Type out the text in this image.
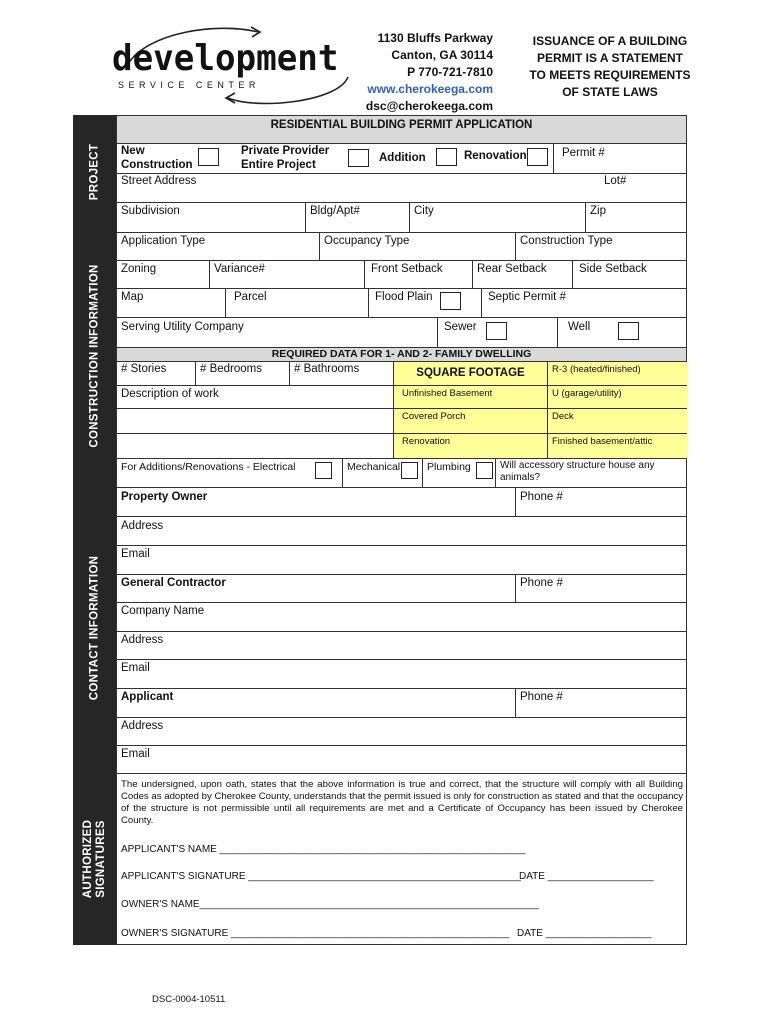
development
SERVICE CENTER
1130 Bluffs Parkway
Canton, GA 30114
P 770-721-7810
www.cherokeega.com
dsc@cherokeega.com
ISSUANCE OF A BUILDING
PERMIT IS A STATEMENT
TO MEETS REQUIREMENTS
OF STATE LAWS
PROJECT
CONSTRUCTION INFORMATION
CONTACT INFORMATION
AUTHORIZED SIGNATURES
RESIDENTIAL BUILDING PERMIT APPLICATION
New
Construction
Private Provider
Entire Project
Addition	Renovation	Permit #
Street Address	Lot#
Subdivision	Bldg/Apt#	City	Zip
Application Type	Occupancy Type	Construction Type
Zoning	Variance#	Front Setback	Rear Setback	Side Setback
Map	Parcel	Flood Plain	Septic Permit #
Serving Utility Company	Sewer	Well
REQUIRED DATA FOR 1- AND 2- FAMILY DWELLING
# Stories	# Bedrooms	# Bathrooms	SQUARE FOOTAGE	R-3 (heated/finished)
Description of work	Unfinished Basement	U (garage/utility)
Covered Porch	Deck
Renovation	Finished basement/attic
For Additions/Renovations - Electrical	Mechanical	Plumbing	Will accessory structure house any
animals?
Property Owner	Phone #
Address
Email
General Contractor	Phone #
Company Name
Address
Email
Applicant	Phone #
Address
Email
The undersigned, upon oath, states that the above information is true and correct, that the structure will comply with all Building Codes as adopted by Cherokee County, understands that the permit issued is only for construction as stated and that the occupancy of the structure is not permissible until all requirements are met and a Certificate of Occupancy has been issued by Cherokee County.
APPLICANT'S NAME _______________________________________________________
APPLICANT'S SIGNATURE _________________________________________________
DATE ___________________
OWNER'S NAME_____________________________________________________________
OWNER'S SIGNATURE __________________________________________________ DATE ___________________
DSC-0004-10511
